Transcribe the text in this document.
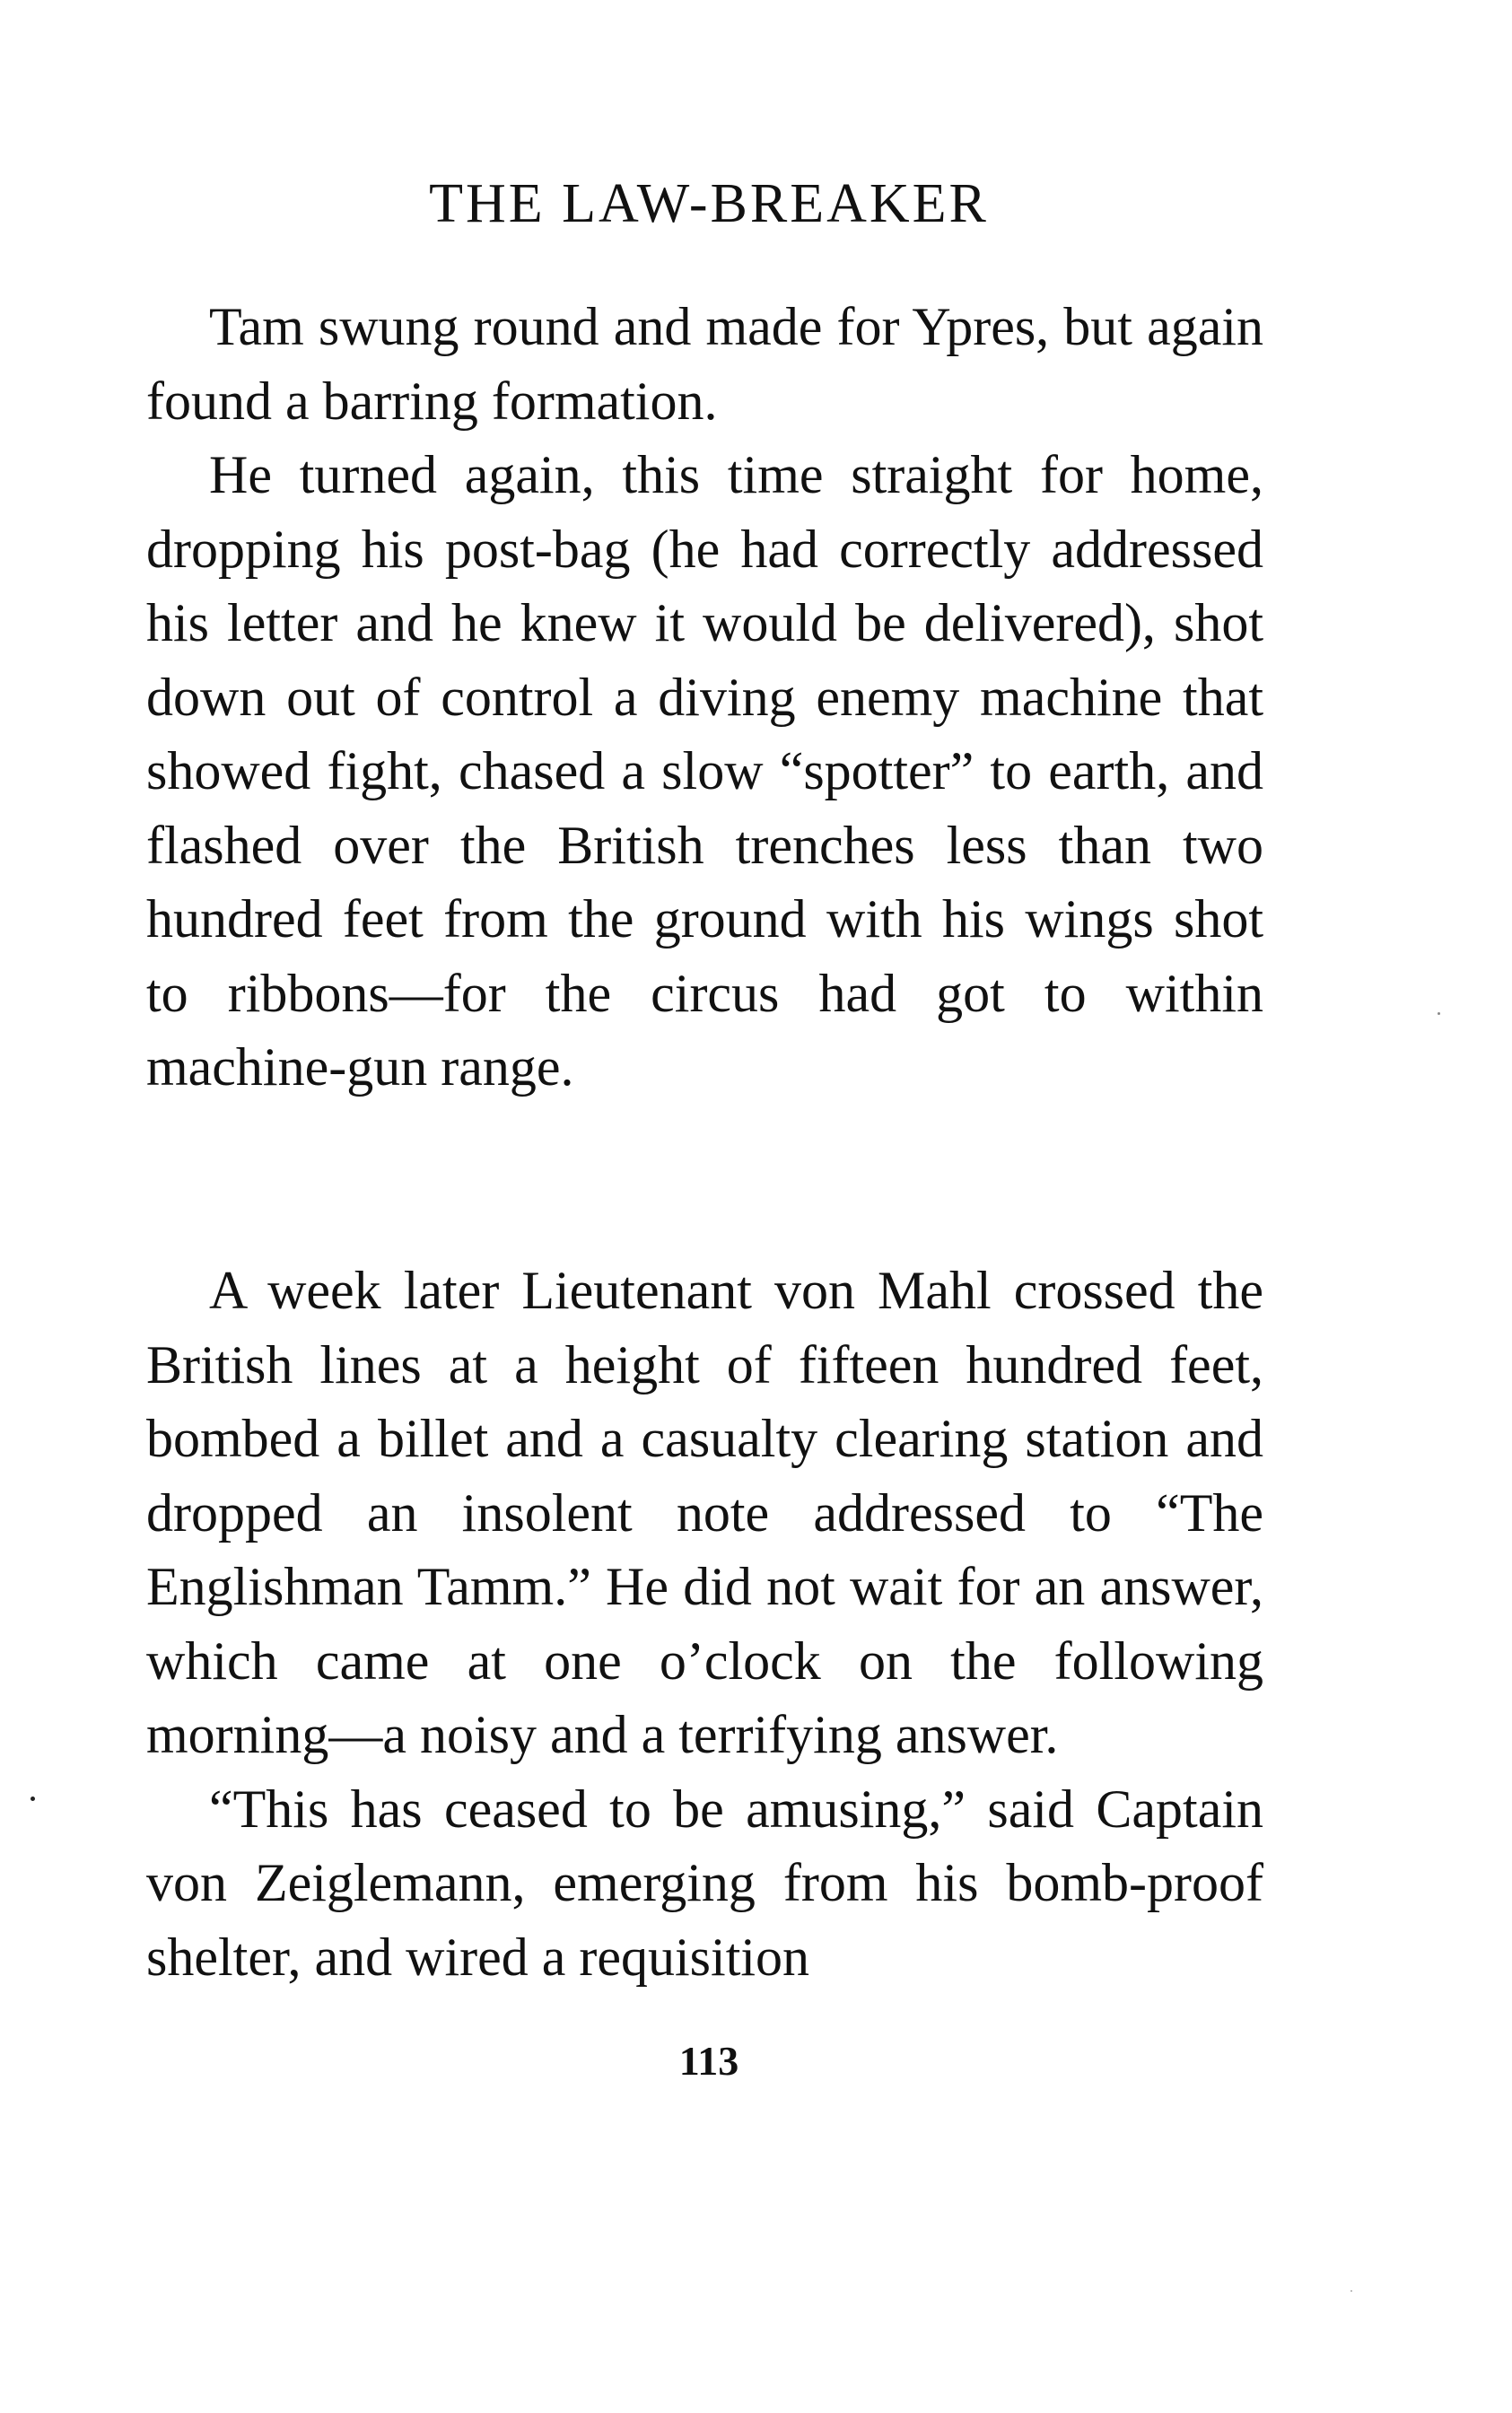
THE LAW-BREAKER

Tam swung round and made for Ypres, but again found a barring formation.

He turned again, this time straight for home, dropping his post-bag (he had correctly addressed his letter and he knew it would be delivered), shot down out of control a diving enemy machine that showed fight, chased a slow “spotter” to earth, and flashed over the British trenches less than two hundred feet from the ground with his wings shot to ribbons—for the circus had got to within machine-gun range.

A week later Lieutenant von Mahl crossed the British lines at a height of fifteen hundred feet, bombed a billet and a casualty clearing station and dropped an insolent note addressed to “The Englishman Tamm.” He did not wait for an answer, which came at one o’clock on the following morning—a noisy and a terrifying answer.

“This has ceased to be amusing,” said Captain von Zeiglemann, emerging from his bomb-proof shelter, and wired a requisition

113
